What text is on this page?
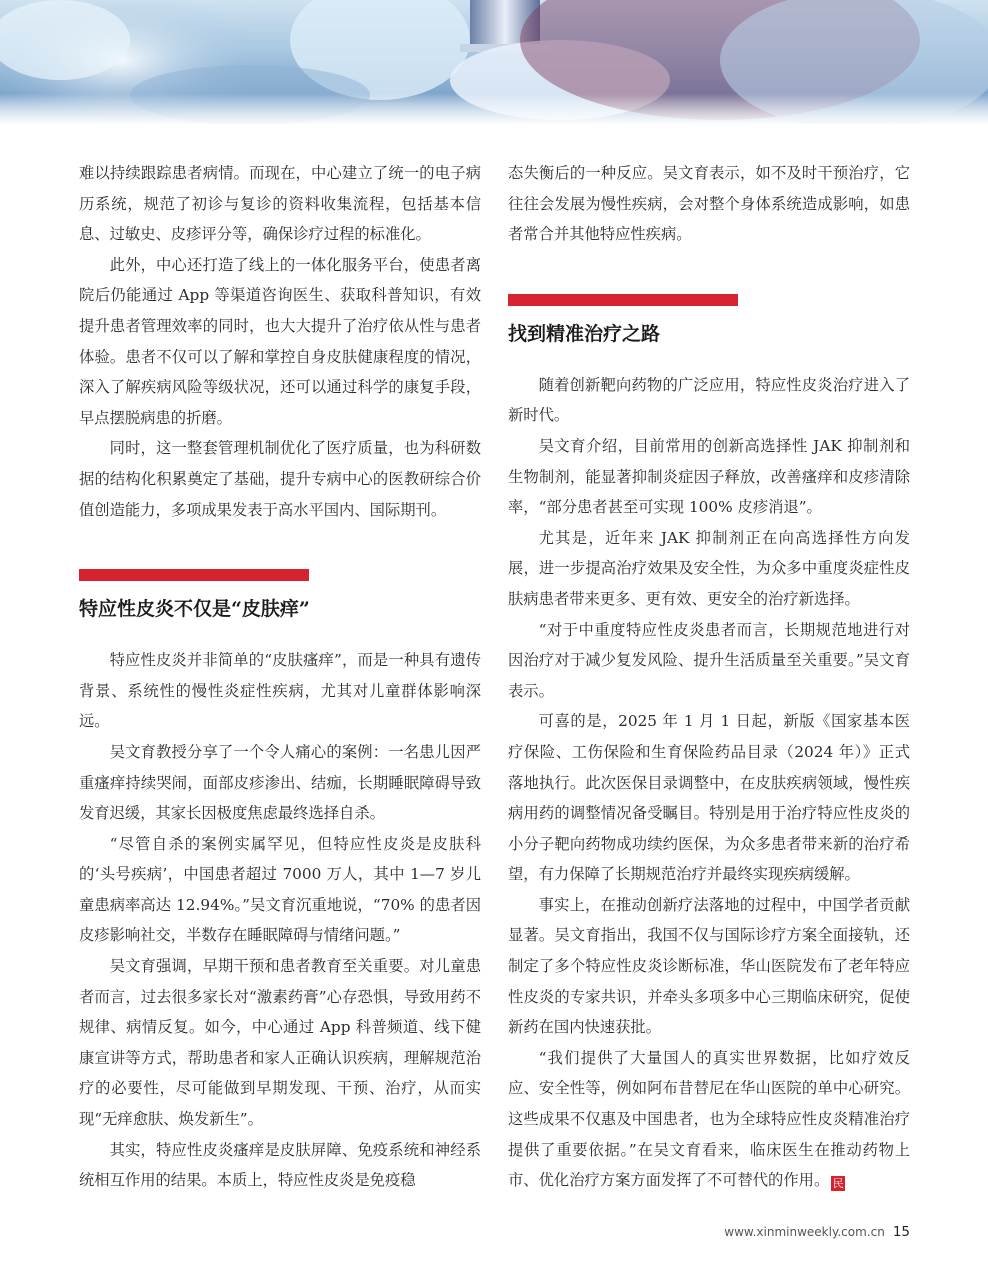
难以持续跟踪患者病情。而现在，中心建立了统一的电子病历系统，规范了初诊与复诊的资料收集流程，包括基本信息、过敏史、皮疹评分等，确保诊疗过程的标准化。

此外，中心还打造了线上的一体化服务平台，使患者离院后仍能通过 App 等渠道咨询医生、获取科普知识，有效提升患者管理效率的同时，也大大提升了治疗依从性与患者体验。患者不仅可以了解和掌控自身皮肤健康程度的情况，深入了解疾病风险等级状况，还可以通过科学的康复手段，早点摆脱病患的折磨。

同时，这一整套管理机制优化了医疗质量，也为科研数据的结构化积累奠定了基础，提升专病中心的医教研综合价值创造能力，多项成果发表于高水平国内、国际期刊。

特应性皮炎不仅是“皮肤痒”

特应性皮炎并非简单的“皮肤瘙痒”，而是一种具有遗传背景、系统性的慢性炎症性疾病，尤其对儿童群体影响深远。

吴文育教授分享了一个令人痛心的案例：一名患儿因严重瘙痒持续哭闹，面部皮疹渗出、结痂，长期睡眠障碍导致发育迟缓，其家长因极度焦虑最终选择自杀。

“尽管自杀的案例实属罕见，但特应性皮炎是皮肤科的‘头号疾病’，中国患者超过 7000 万人，其中 1—7 岁儿童患病率高达 12.94%。”吴文育沉重地说，“70% 的患者因皮疹影响社交，半数存在睡眠障碍与情绪问题。”

吴文育强调，早期干预和患者教育至关重要。对儿童患者而言，过去很多家长对“激素药膏”心存恐惧，导致用药不规律、病情反复。如今，中心通过 App 科普频道、线下健康宣讲等方式，帮助患者和家人正确认识疾病，理解规范治疗的必要性，尽可能做到早期发现、干预、治疗，从而实现“无痒愈肤、焕发新生”。

其实，特应性皮炎瘙痒是皮肤屏障、免疫系统和神经系统相互作用的结果。本质上，特应性皮炎是免疫稳

态失衡后的一种反应。吴文育表示，如不及时干预治疗，它往往会发展为慢性疾病，会对整个身体系统造成影响，如患者常合并其他特应性疾病。

找到精准治疗之路

随着创新靶向药物的广泛应用，特应性皮炎治疗进入了新时代。

吴文育介绍，目前常用的创新高选择性 JAK 抑制剂和生物制剂，能显著抑制炎症因子释放，改善瘙痒和皮疹清除率，“部分患者甚至可实现 100% 皮疹消退”。

尤其是，近年来 JAK 抑制剂正在向高选择性方向发展，进一步提高治疗效果及安全性，为众多中重度炎症性皮肤病患者带来更多、更有效、更安全的治疗新选择。

“对于中重度特应性皮炎患者而言，长期规范地进行对因治疗对于减少复发风险、提升生活质量至关重要。”吴文育表示。

可喜的是，2025 年 1 月 1 日起，新版《国家基本医疗保险、工伤保险和生育保险药品目录（2024 年）》正式落地执行。此次医保目录调整中，在皮肤疾病领域，慢性疾病用药的调整情况备受瞩目。特别是用于治疗特应性皮炎的小分子靶向药物成功续约医保，为众多患者带来新的治疗希望，有力保障了长期规范治疗并最终实现疾病缓解。

事实上，在推动创新疗法落地的过程中，中国学者贡献显著。吴文育指出，我国不仅与国际诊疗方案全面接轨，还制定了多个特应性皮炎诊断标准，华山医院发布了老年特应性皮炎的专家共识，并牵头多项多中心三期临床研究，促使新药在国内快速获批。

“我们提供了大量国人的真实世界数据，比如疗效反应、安全性等，例如阿布昔替尼在华山医院的单中心研究。这些成果不仅惠及中国患者，也为全球特应性皮炎精准治疗提供了重要依据。”在吴文育看来，临床医生在推动药物上市、优化治疗方案方面发挥了不可替代的作用。 民

www.xinminweekly.com.cn 15
